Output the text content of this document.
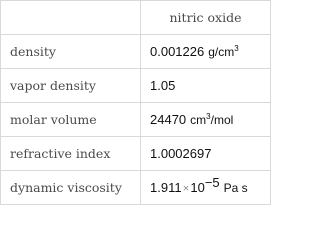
	nitric oxide
density	0.001226 $g/cm^3$
vapor density	1.05
molar volume	24470 $cm^3$/mol
refractive index	1.0002697
dynamic viscosity	$1.911\times 10^{-5}$ Pa s
